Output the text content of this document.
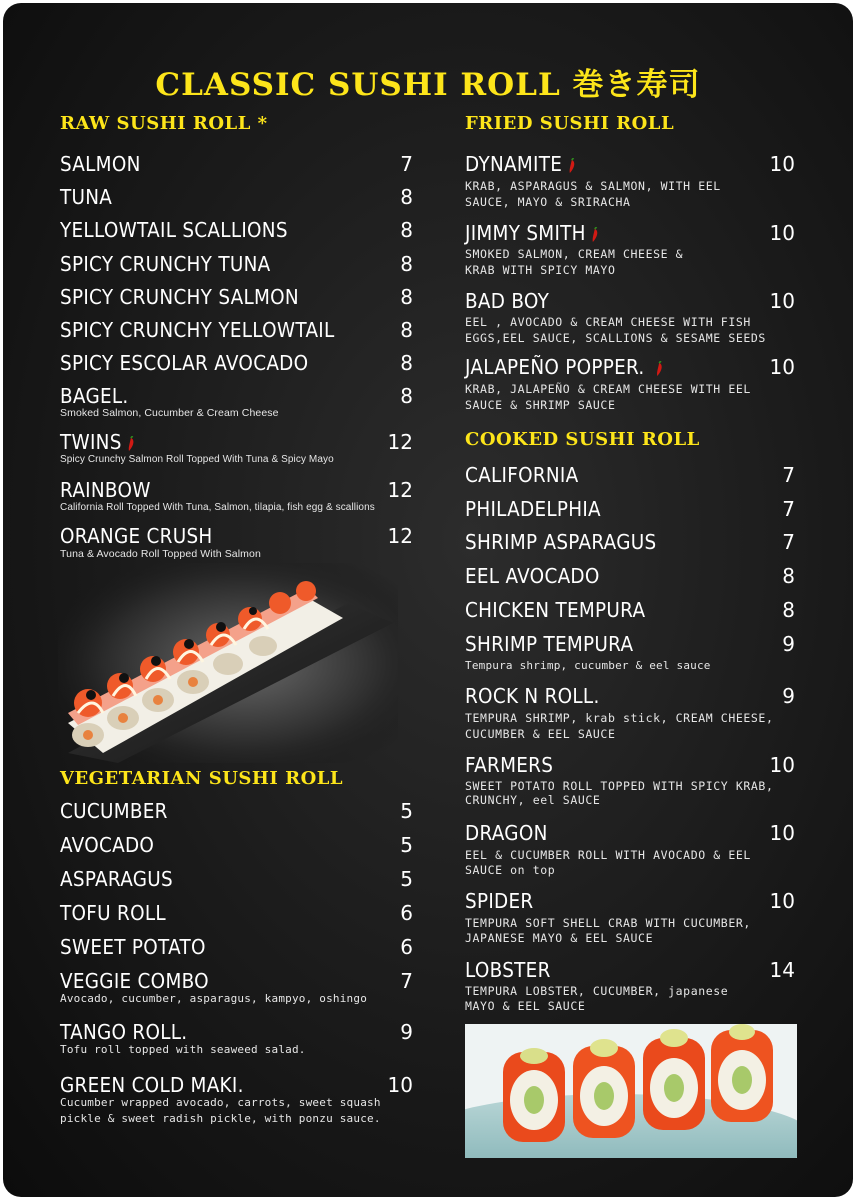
CLASSIC SUSHI ROLL 巻き寿司
RAW SUSHI ROLL *
SALMON	7
TUNA	8
YELLOWTAIL SCALLIONS	8
SPICY CRUNCHY TUNA	8
SPICY CRUNCHY SALMON	8
SPICY CRUNCHY YELLOWTAIL	8
SPICY ESCOLAR AVOCADO	8
BAGEL.	8
Smoked Salmon, Cucumber & Cream Cheese
TWINS	12
Spicy Crunchy Salmon Roll Topped With Tuna & Spicy Mayo
RAINBOW	12
California Roll Topped With Tuna, Salmon, tilapia, fish egg & scallions
ORANGE CRUSH	12
Tuna & Avocado Roll Topped With Salmon
VEGETARIAN SUSHI ROLL
CUCUMBER	5
AVOCADO	5
ASPARAGUS	5
TOFU ROLL	6
SWEET POTATO	6
VEGGIE COMBO	7
Avocado, cucumber, asparagus, kampyo, oshingo
TANGO ROLL.	9
Tofu roll topped with seaweed salad.
GREEN COLD MAKI.	10
Cucumber wrapped avocado, carrots, sweet squash
pickle & sweet radish pickle, with ponzu sauce.
FRIED SUSHI ROLL
DYNAMITE	10
KRAB, ASPARAGUS & SALMON, WITH EEL
SAUCE, MAYO & SRIRACHA
JIMMY SMITH	10
SMOKED SALMON, CREAM CHEESE &
KRAB WITH SPICY MAYO
BAD BOY	10
EEL , AVOCADO & CREAM CHEESE WITH FISH
EGGS,EEL SAUCE, SCALLIONS & SESAME SEEDS
JALAPEÑO POPPER.	10
KRAB, JALAPEÑO & CREAM CHEESE WITH EEL
SAUCE & SHRIMP SAUCE
COOKED SUSHI ROLL
CALIFORNIA	7
PHILADELPHIA	7
SHRIMP ASPARAGUS	7
EEL AVOCADO	8
CHICKEN TEMPURA	8
SHRIMP TEMPURA	9
Tempura shrimp, cucumber & eel sauce
ROCK N ROLL.	9
TEMPURA SHRIMP, krab stick, CREAM CHEESE,
CUCUMBER & EEL SAUCE
FARMERS	10
SWEET POTATO ROLL TOPPED WITH SPICY KRAB,
CRUNCHY, eel SAUCE
DRAGON	10
EEL & CUCUMBER ROLL WITH AVOCADO & EEL
SAUCE on top
SPIDER	10
TEMPURA SOFT SHELL CRAB WITH CUCUMBER,
JAPANESE MAYO & EEL SAUCE
LOBSTER	14
TEMPURA LOBSTER, CUCUMBER, japanese
MAYO & EEL SAUCE
